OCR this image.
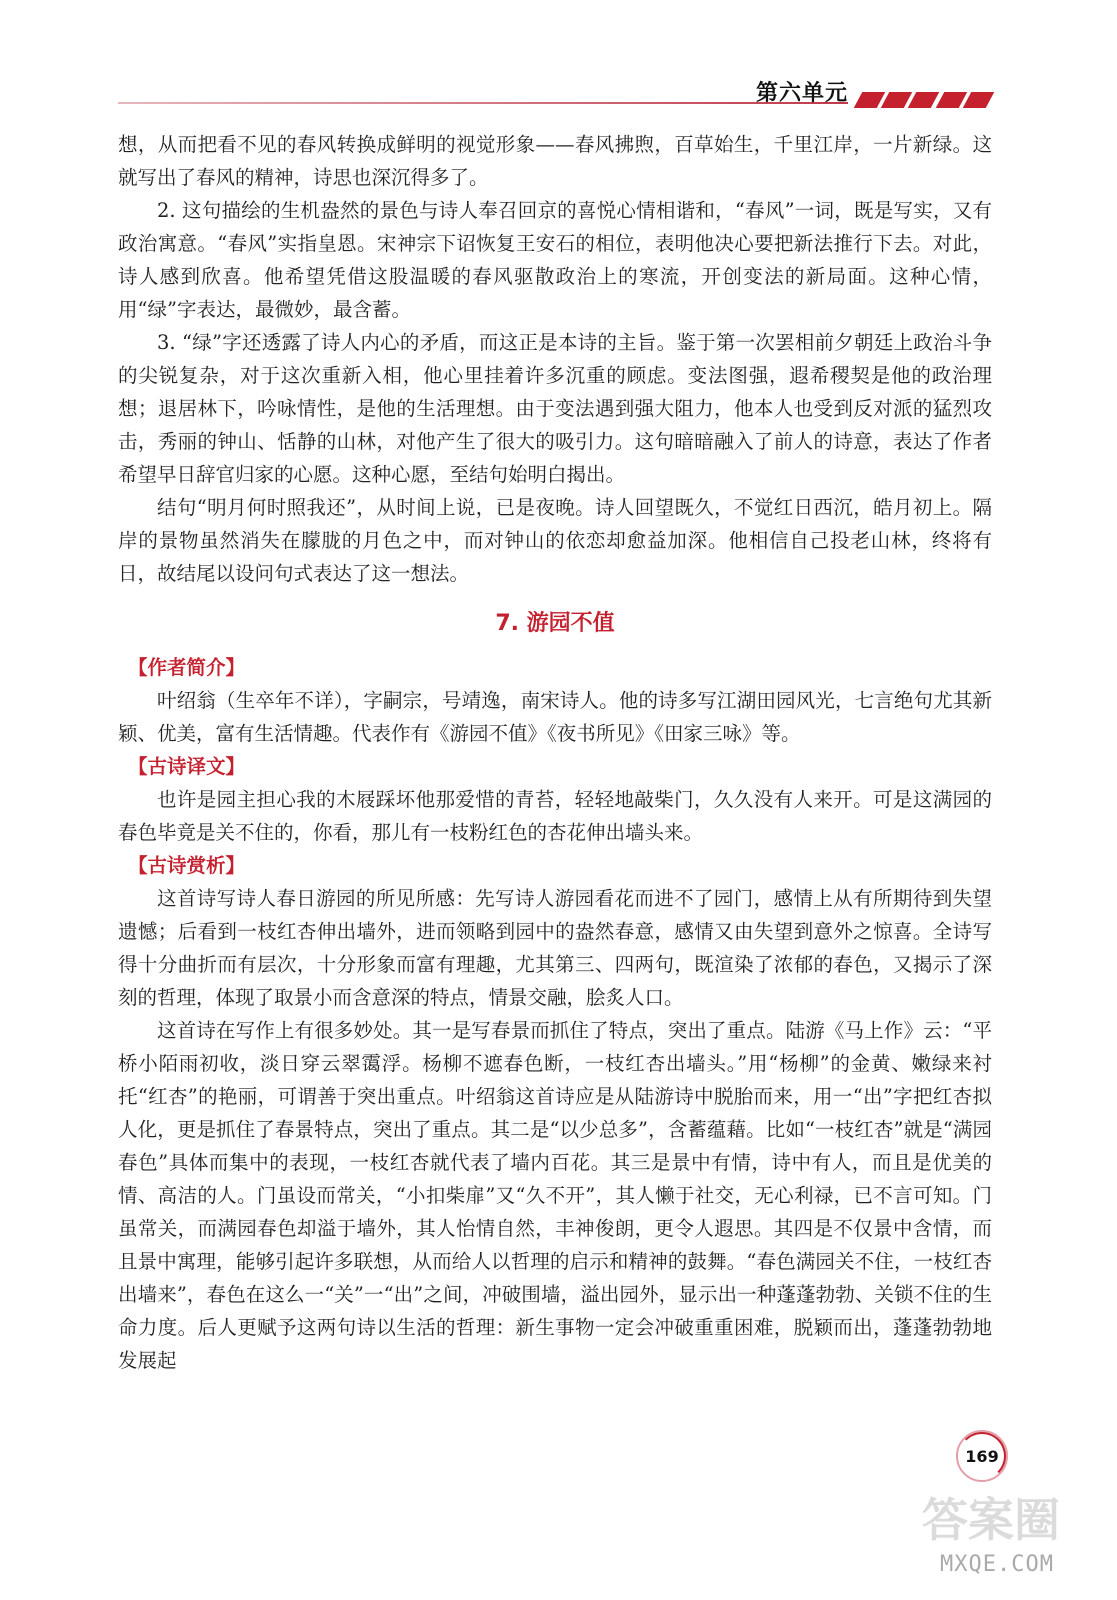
第六单元

想，从而把看不见的春风转换成鲜明的视觉形象——春风拂煦，百草始生，千里江岸，一片新绿。这就写出了春风的精神，诗思也深沉得多了。

2. 这句描绘的生机盎然的景色与诗人奉召回京的喜悦心情相谐和，“春风”一词，既是写实，又有政治寓意。“春风”实指皇恩。宋神宗下诏恢复王安石的相位，表明他决心要把新法推行下去。对此，诗人感到欣喜。他希望凭借这股温暖的春风驱散政治上的寒流，开创变法的新局面。这种心情，用“绿”字表达，最微妙，最含蓄。

3. “绿”字还透露了诗人内心的矛盾，而这正是本诗的主旨。鉴于第一次罢相前夕朝廷上政治斗争的尖锐复杂，对于这次重新入相，他心里挂着许多沉重的顾虑。变法图强，遐希稷契是他的政治理想；退居林下，吟咏情性，是他的生活理想。由于变法遇到强大阻力，他本人也受到反对派的猛烈攻击，秀丽的钟山、恬静的山林，对他产生了很大的吸引力。这句暗暗融入了前人的诗意，表达了作者希望早日辞官归家的心愿。这种心愿，至结句始明白揭出。

结句“明月何时照我还”，从时间上说，已是夜晚。诗人回望既久，不觉红日西沉，皓月初上。隔岸的景物虽然消失在朦胧的月色之中，而对钟山的依恋却愈益加深。他相信自己投老山林，终将有日，故结尾以设问句式表达了这一想法。

7. 游园不值
【作者简介】

叶绍翁（生卒年不详），字嗣宗，号靖逸，南宋诗人。他的诗多写江湖田园风光，七言绝句尤其新颖、优美，富有生活情趣。代表作有《游园不值》《夜书所见》《田家三咏》等。

【古诗译文】

也许是园主担心我的木屐踩坏他那爱惜的青苔，轻轻地敲柴门，久久没有人来开。可是这满园的春色毕竟是关不住的，你看，那儿有一枝粉红色的杏花伸出墙头来。

【古诗赏析】

这首诗写诗人春日游园的所见所感：先写诗人游园看花而进不了园门，感情上从有所期待到失望遗憾；后看到一枝红杏伸出墙外，进而领略到园中的盎然春意，感情又由失望到意外之惊喜。全诗写得十分曲折而有层次，十分形象而富有理趣，尤其第三、四两句，既渲染了浓郁的春色，又揭示了深刻的哲理，体现了取景小而含意深的特点，情景交融，脍炙人口。

这首诗在写作上有很多妙处。其一是写春景而抓住了特点，突出了重点。陆游《马上作》云：“平桥小陌雨初收，淡日穿云翠霭浮。杨柳不遮春色断，一枝红杏出墙头。”用“杨柳”的金黄、嫩绿来衬托“红杏”的艳丽，可谓善于突出重点。叶绍翁这首诗应是从陆游诗中脱胎而来，用一“出”字把红杏拟人化，更是抓住了春景特点，突出了重点。其二是“以少总多”，含蓄蕴藉。比如“一枝红杏”就是“满园春色”具体而集中的表现，一枝红杏就代表了墙内百花。其三是景中有情，诗中有人，而且是优美的情、高洁的人。门虽设而常关，“小扣柴扉”又“久不开”，其人懒于社交，无心利禄，已不言可知。门虽常关，而满园春色却溢于墙外，其人怡情自然，丰神俊朗，更令人遐思。其四是不仅景中含情，而且景中寓理，能够引起许多联想，从而给人以哲理的启示和精神的鼓舞。“春色满园关不住，一枝红杏出墙来”，春色在这么一“关”一“出”之间，冲破围墙，溢出园外，显示出一种蓬蓬勃勃、关锁不住的生命力度。后人更赋予这两句诗以生活的哲理：新生事物一定会冲破重重困难，脱颖而出，蓬蓬勃勃地发展起

169
答案圈
MXQE.COM
